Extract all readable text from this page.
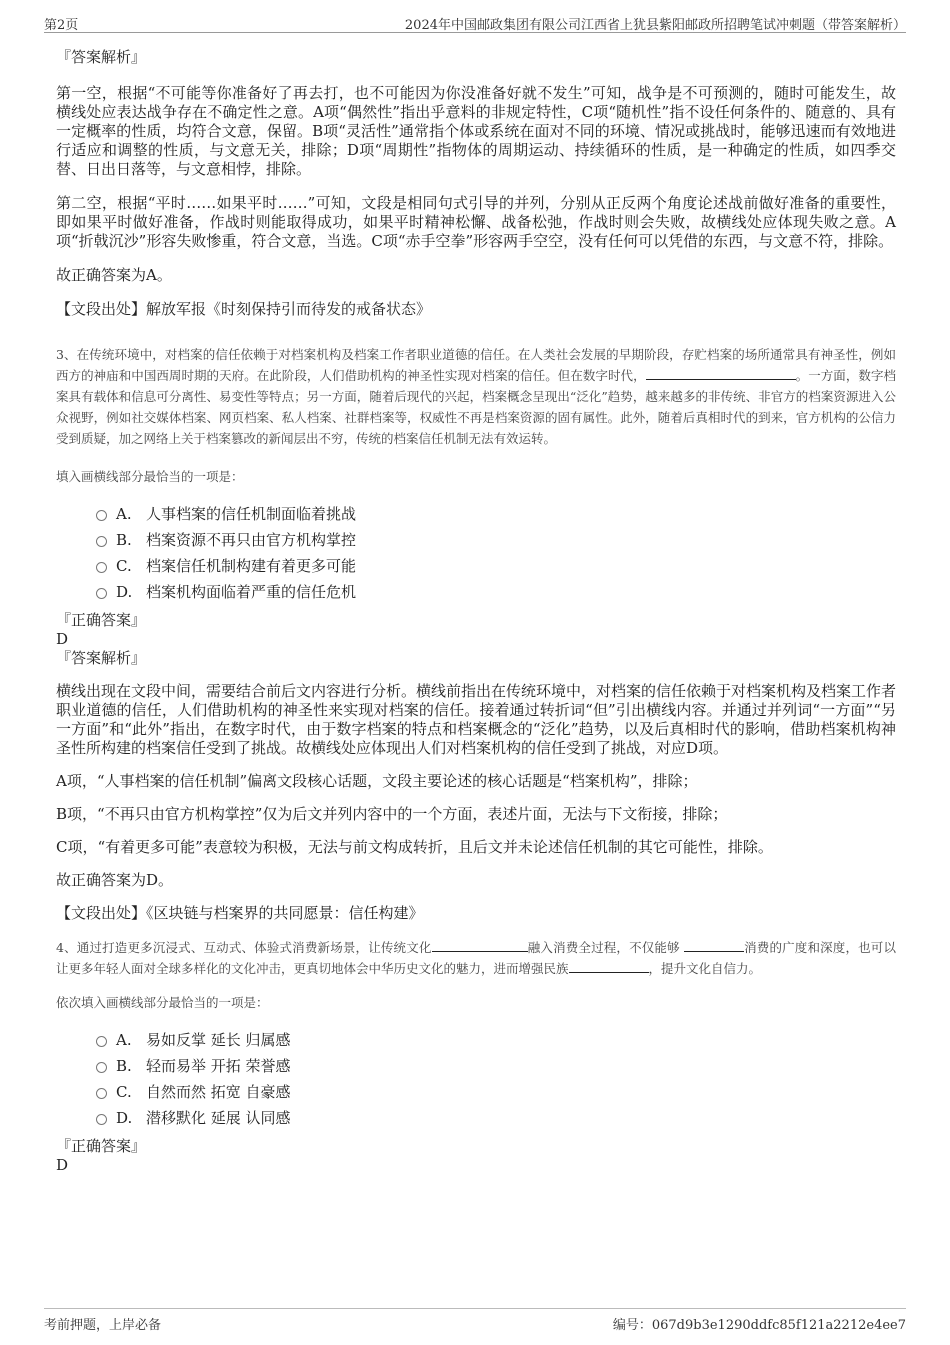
第2页	2024年中国邮政集团有限公司江西省上犹县紫阳邮政所招聘笔试冲刺题（带答案解析）

『答案解析』

第一空，根据“不可能等你准备好了再去打，也不可能因为你没准备好就不发生”可知，战争是不可预测的，随时可能发生，故横线处应表达战争存在不确定性之意。A项“偶然性”指出乎意料的非规定特性，C项“随机性”指不设任何条件的、随意的、具有一定概率的性质，均符合文意，保留。B项“灵活性”通常指个体或系统在面对不同的环境、情况或挑战时，能够迅速而有效地进行适应和调整的性质，与文意无关，排除；D项“周期性”指物体的周期运动、持续循环的性质，是一种确定的性质，如四季交替、日出日落等，与文意相悖，排除。

第二空，根据“平时……如果平时……”可知，文段是相同句式引导的并列，分别从正反两个角度论述战前做好准备的重要性，即如果平时做好准备，作战时则能取得成功，如果平时精神松懈、战备松弛，作战时则会失败，故横线处应体现失败之意。A项“折戟沉沙”形容失败惨重，符合文意，当选。C项“赤手空拳”形容两手空空，没有任何可以凭借的东西，与文意不符，排除。

故正确答案为A。

【文段出处】解放军报《时刻保持引而待发的戒备状态》

3、在传统环境中，对档案的信任依赖于对档案机构及档案工作者职业道德的信任。在人类社会发展的早期阶段，存贮档案的场所通常具有神圣性，例如西方的神庙和中国西周时期的天府。在此阶段，人们借助机构的神圣性实现对档案的信任。但在数字时代，	。一方面，数字档案具有载体和信息可分离性、易变性等特点；另一方面，随着后现代的兴起，档案概念呈现出“泛化”趋势，越来越多的非传统、非官方的档案资源进入公众视野，例如社交媒体档案、网页档案、私人档案、社群档案等，权威性不再是档案资源的固有属性。此外，随着后真相时代的到来，官方机构的公信力受到质疑，加之网络上关于档案篡改的新闻层出不穷，传统的档案信任机制无法有效运转。

填入画横线部分最恰当的一项是：

A. 人事档案的信任机制面临着挑战
B. 档案资源不再只由官方机构掌控
C. 档案信任机制构建有着更多可能
D. 档案机构面临着严重的信任危机

『正确答案』

D

『答案解析』

横线出现在文段中间，需要结合前后文内容进行分析。横线前指出在传统环境中，对档案的信任依赖于对档案机构及档案工作者职业道德的信任，人们借助机构的神圣性来实现对档案的信任。接着通过转折词“但”引出横线内容。并通过并列词“一方面”“另一方面”和“此外”指出，在数字时代，由于数字档案的特点和档案概念的“泛化”趋势，以及后真相时代的影响，借助档案机构神圣性所构建的档案信任受到了挑战。故横线处应体现出人们对档案机构的信任受到了挑战，对应D项。

A项，“人事档案的信任机制”偏离文段核心话题，文段主要论述的核心话题是“档案机构”，排除；

B项，“不再只由官方机构掌控”仅为后文并列内容中的一个方面，表述片面，无法与下文衔接，排除；

C项，“有着更多可能”表意较为积极，无法与前文构成转折，且后文并未论述信任机制的其它可能性，排除。

故正确答案为D。

【文段出处】《区块链与档案界的共同愿景：信任构建》

4、通过打造更多沉浸式、互动式、体验式消费新场景，让传统文化	融入消费全过程，不仅能够	消费的广度和深度，也可以让更多年轻人面对全球多样化的文化冲击，更真切地体会中华历史文化的魅力，进而增强民族	，提升文化自信力。

依次填入画横线部分最恰当的一项是：

A. 易如反掌 延长 归属感
B. 轻而易举 开拓 荣誉感
C. 自然而然 拓宽 自豪感
D. 潜移默化 延展 认同感

『正确答案』

D

考前押题，上岸必备	编号：067d9b3e1290ddfc85f121a2212e4ee7
